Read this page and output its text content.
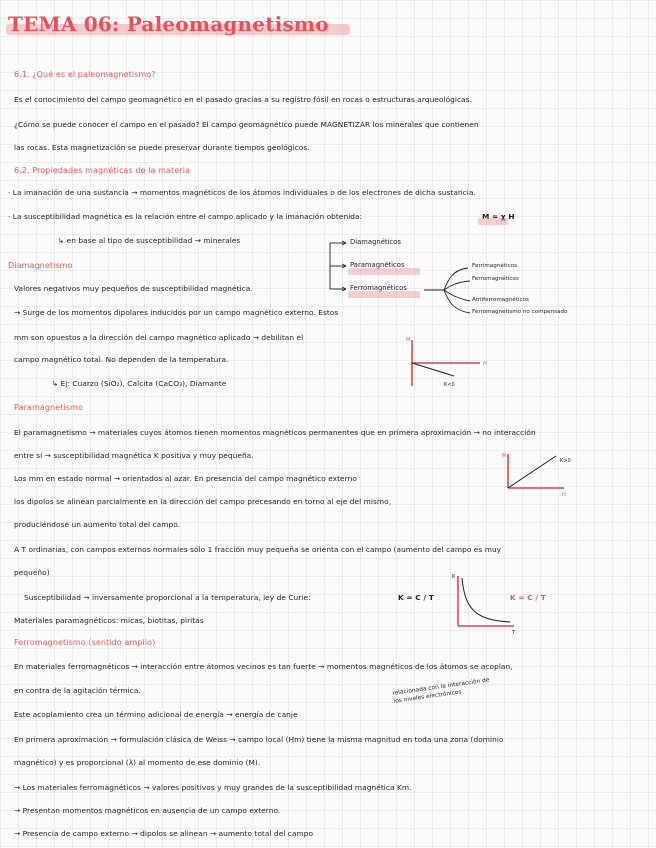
TEMA 06: Paleomagnetismo
6.1. ¿Qué es el paleomagnetismo?
Es el conocimiento del campo geomagnético en el pasado gracias a su registro fósil en rocas o estructuras arqueológicas.
¿Cómo se puede conocer el campo en el pasado? El campo geomagnético puede MAGNETIZAR los minerales que contienen
las rocas. Esta magnetización se puede preservar durante tiempos geológicos.
6.2. Propiedades magnéticas de la materia
· La imanación de una sustancia → momentos magnéticos de los átomos individuales o de los electrones de dicha sustancia.
· La susceptibilidad magnética es la relación entre el campo aplicado y la imanación obtenida:	M = χ H
↳ en base al tipo de susceptibilidad → minerales	Diamagnéticos
Paramagnéticos
Ferromagnéticos
Ferrimagnéticos
Ferromagnéticos
Antiferromagnéticos
Ferromagnetismo no compensado
Diamagnetismo
Valores negativos muy pequeños de susceptibilidad magnética.
→ Surge de los momentos dipolares inducidos por un campo magnético externo. Estos
mm son opuestos a la dirección del campo magnético aplicado → debilitan el
campo magnético total. No dependen de la temperatura.
↳ Ej: Cuarzo (SiO₂), Calcita (CaCO₃), Diamante
M
H
K<0
Paramagnetismo
El paramagnetismo → materiales cuyos átomos tienen momentos magnéticos permanentes que en primera aproximación → no interacción
entre sí → susceptibilidad magnética K positiva y muy pequeña.
Los mm en estado normal → orientados al azar. En presencia del campo magnético externo
los dipolos se alinean parcialmente en la dirección del campo precesando en torno al eje del mismo,
produciéndose un aumento total del campo.
A T ordinarias, con campos externos normales sólo 1 fracción muy pequeña se orienta con el campo (aumento del campo es muy
pequeño)
Susceptibilidad → inversamente proporcional a la temperatura, ley de Curie:	K = C / T
Materiales paramagnéticos: micas, biotitas, piritas
M
H
K>0
K
T
K = C / T
Ferromagnetismo (sentido amplio)
En materiales ferromagnéticos → interacción entre átomos vecinos es tan fuerte → momentos magnéticos de los átomos se acoplan,
en contra de la agitación térmica.
Este acoplamiento crea un término adicional de energía → energía de canje
relacionada con la interacción de los niveles electrónicos
En primera aproximación → formulación clásica de Weiss → campo local (Hm) tiene la misma magnitud en toda una zona (dominio
magnético) y es proporcional (λ) al momento de ese dominio (M).
→ Los materiales ferromagnéticos → valores positivos y muy grandes de la susceptibilidad magnética Km.
→ Presentan momentos magnéticos en ausencia de un campo externo.
→ Presencia de campo externo → dipolos se alinean → aumento total del campo
